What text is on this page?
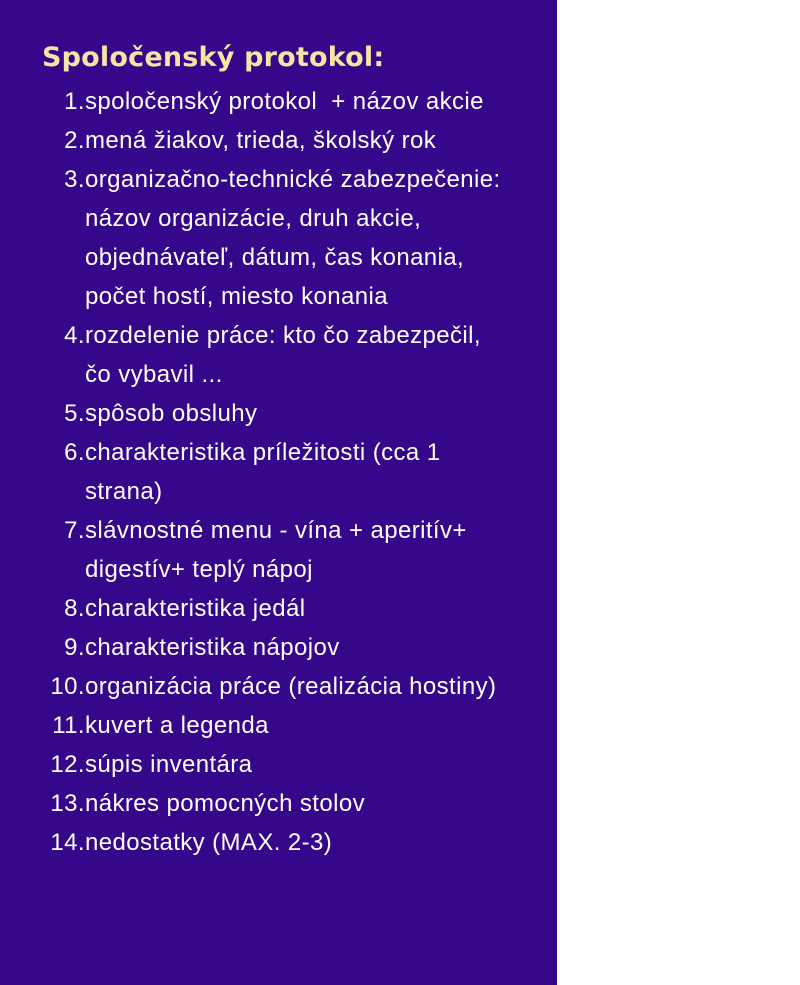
Spoločenský protokol:
1. spoločenský protokol  + názov akcie
2. mená žiakov, trieda, školský rok
3. organizačno-technické zabezpečenie: názov organizácie, druh akcie, objednávateľ, dátum, čas konania, počet hostí, miesto konania
4. rozdelenie práce: kto čo zabezpečil, čo vybavil ...
5. spôsob obsluhy
6. charakteristika príležitosti (cca 1 strana)
7. slávnostné menu - vína + aperitív+ digestív+ teplý nápoj
8. charakteristika jedál
9. charakteristika nápojov
10. organizácia práce (realizácia hostiny)
11. kuvert a legenda
12. súpis inventára
13. nákres pomocných stolov
14. nedostatky (MAX. 2-3)
